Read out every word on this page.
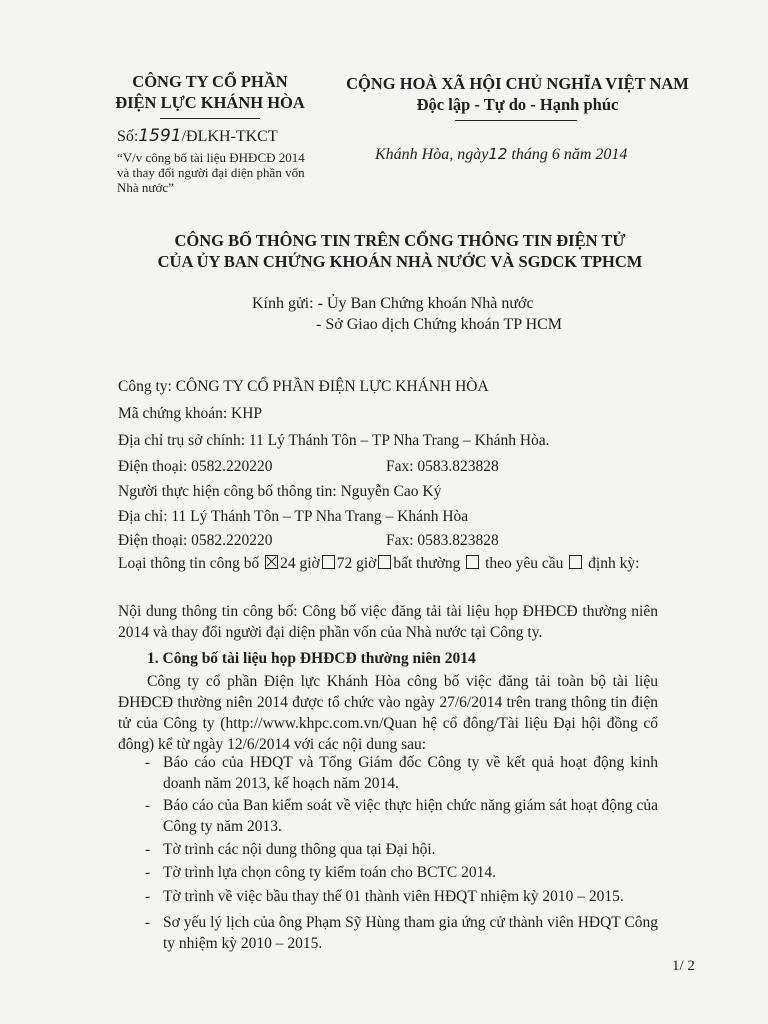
CÔNG TY CỔ PHẦN
ĐIỆN LỰC KHÁNH HÒA
CỘNG HOÀ XÃ HỘI CHỦ NGHĨA VIỆT NAM
Độc lập - Tự do - Hạnh phúc
Số:1591/ĐLKH-TKCT
“V/v công bố tài liệu ĐHĐCĐ 2014
và thay đổi người đại diện phần vốn
Nhà nước”
Khánh Hòa, ngày12 tháng 6 năm 2014
CÔNG BỐ THÔNG TIN TRÊN CỔNG THÔNG TIN ĐIỆN TỬ
CỦA ỦY BAN CHỨNG KHOÁN NHÀ NƯỚC VÀ SGDCK TPHCM
Kính gửi: - Ủy Ban Chứng khoán Nhà nước
- Sở Giao dịch Chứng khoán TP HCM
Công ty: CÔNG TY CỔ PHẦN ĐIỆN LỰC KHÁNH HÒA
Mã chứng khoán: KHP
Địa chỉ trụ sở chính: 11 Lý Thánh Tôn – TP Nha Trang – Khánh Hòa.
Điện thoại: 0582.220220	Fax: 0583.823828
Người thực hiện công bố thông tin: Nguyễn Cao Ký
Địa chỉ: 11 Lý Thánh Tôn – TP Nha Trang – Khánh Hòa
Điện thoại: 0582.220220	Fax: 0583.823828
Loại thông tin công bố 24 giờ 72 giờ bất thường theo yêu cầu định kỳ:
Nội dung thông tin công bố: Công bố việc đăng tải tài liệu họp ĐHĐCĐ thường niên 2014 và thay đổi người đại diện phần vốn của Nhà nước tại Công ty.
1. Công bố tài liệu họp ĐHĐCĐ thường niên 2014
Công ty cổ phần Điện lực Khánh Hòa công bố việc đăng tải toàn bộ tài liệu ĐHĐCĐ thường niên 2014 được tổ chức vào ngày 27/6/2014 trên trang thông tin điện tử của Công ty (http://www.khpc.com.vn/Quan hệ cổ đông/Tài liệu Đại hội đồng cổ đông) kể từ ngày 12/6/2014 với các nội dung sau:
- Báo cáo của HĐQT và Tổng Giám đốc Công ty về kết quả hoạt động kinh doanh năm 2013, kế hoạch năm 2014.
- Báo cáo của Ban kiểm soát về việc thực hiện chức năng giám sát hoạt động của Công ty năm 2013.
- Tờ trình các nội dung thông qua tại Đại hội.
- Tờ trình lựa chọn công ty kiểm toán cho BCTC 2014.
- Tờ trình về việc bầu thay thế 01 thành viên HĐQT nhiệm kỳ 2010 – 2015.
- Sơ yếu lý lịch của ông Phạm Sỹ Hùng tham gia ứng cử thành viên HĐQT Công ty nhiệm kỳ 2010 – 2015.
1/ 2
